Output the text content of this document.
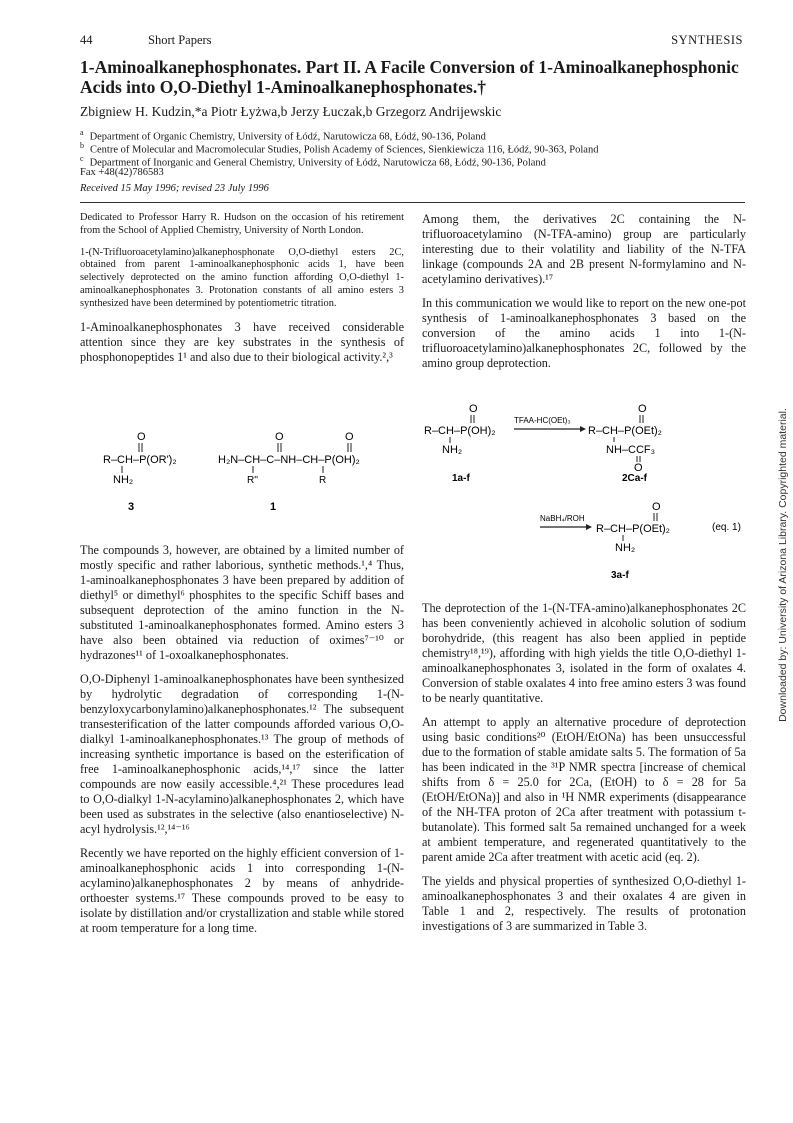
44	Short Papers	SYNTHESIS
1-Aminoalkanephosphonates. Part II. A Facile Conversion of 1-Aminoalkanephosphonic Acids into O,O-Diethyl 1-Aminoalkanephosphonates.†
Zbigniew H. Kudzin,*a Piotr Łyżwa,b Jerzy Łuczak,b Grzegorz Andrijewskic
$^a$ Department of Organic Chemistry, University of Łódź, Narutowicza 68, Łódź, 90-136, Poland
$^b$ Centre of Molecular and Macromolecular Studies, Polish Academy of Sciences, Sienkiewicza 116, Łódź, 90-363, Poland
$^c$ Department of Inorganic and General Chemistry, University of Łódź, Narutowicza 68, Łódź, 90-136, Poland
Fax +48(42)786583
Received 15 May 1996; revised 23 July 1996

Dedicated to Professor Harry R. Hudson on the occasion of his retirement from the School of Applied Chemistry, University of North London.

1-(N-Trifluoroacetylamino)alkanephosphonate O,O-diethyl esters 2C, obtained from parent 1-aminoalkanephosphonic acids 1, have been selectively deprotected on the amino function affording O,O-diethyl 1-aminoalkanephosphonates 3. Protonation constants of all amino esters 3 synthesized have been determined by potentiometric titration.

1-Aminoalkanephosphonates 3 have received considerable attention since they are key substrates in the synthesis of phosphonopeptides 1¹ and also due to their biological activity.²,³

O
R–CH–P(OR')₂
NH₂
3
O	O
H₂N–CH–C–NH–CH–P(OH)₂
R''	R
1

The compounds 3, however, are obtained by a limited number of mostly specific and rather laborious, synthetic methods.¹,⁴ Thus, 1-aminoalkanephosphonates 3 have been prepared by addition of diethyl⁵ or dimethyl⁶ phosphites to the specific Schiff bases and subsequent deprotection of the amino function in the N-substituted 1-aminoalkanephosphonates formed. Amino esters 3 have also been obtained via reduction of oximes⁷⁻¹⁰ or hydrazones¹¹ of 1-oxoalkanephosphonates.

O,O-Diphenyl 1-aminoalkanephosphonates have been synthesized by hydrolytic degradation of corresponding 1-(N-benzyloxycarbonylamino)alkanephosphonates.¹² The subsequent transesterification of the latter compounds afforded various O,O-dialkyl 1-aminoalkanephosphonates.¹³ The group of methods of increasing synthetic importance is based on the esterification of free 1-aminoalkanephosphonic acids,¹⁴,¹⁷ since the latter compounds are now easily accessible.⁴,²¹ These procedures lead to O,O-dialkyl 1-N-acylamino)alkanephosphonates 2, which have been used as substrates in the selective (also enantioselective) N-acyl hydrolysis.¹²,¹⁴⁻¹⁶

Recently we have reported on the highly efficient conversion of 1-aminoalkanephosphonic acids 1 into corresponding 1-(N-acylamino)alkanephosphonates 2 by means of anhydride-orthoester systems.¹⁷ These compounds proved to be easy to isolate by distillation and/or crystallization and stable while stored at room temperature for a long time.

Among them, the derivatives 2C containing the N-trifluoroacetylamino (N-TFA-amino) group are particularly interesting due to their volatility and liability of the N-TFA linkage (compounds 2A and 2B present N-formylamino and N-acetylamino derivatives).¹⁷

In this communication we would like to report on the new one-pot synthesis of 1-aminoalkanephosphonates 3 based on the conversion of the amino acids 1 into 1-(N-trifluoroacetylamino)alkanephosphonates 2C, followed by the amino group deprotection.

O
R–CH–P(OH)₂
NH₂
1a-f
TFAA-HC(OEt)₃
O
R–CH–P(OEt)₂
NH–CCF₃
O
2Ca-f
NaBH₄/ROH
O
R–CH–P(OEt)₂
NH₂
3a-f
(eq. 1)

The deprotection of the 1-(N-TFA-amino)alkanephosphonates 2C has been conveniently achieved in alcoholic solution of sodium borohydride, (this reagent has also been applied in peptide chemistry¹⁸,¹⁹), affording with high yields the title O,O-diethyl 1-aminoalkanephosphonates 3, isolated in the form of oxalates 4. Conversion of stable oxalates 4 into free amino esters 3 was found to be nearly quantitative.

An attempt to apply an alternative procedure of deprotection using basic conditions²⁰ (EtOH/EtONa) has been unsuccessful due to the formation of stable amidate salts 5. The formation of 5a has been indicated in the ³¹P NMR spectra [increase of chemical shifts from δ = 25.0 for 2Ca, (EtOH) to δ = 28 for 5a (EtOH/EtONa)] and also in ¹H NMR experiments (disappearance of the NH-TFA proton of 2Ca after treatment with potassium t-butanolate). This formed salt 5a remained unchanged for a week at ambient temperature, and regenerated quantitatively to the parent amide 2Ca after treatment with acetic acid (eq. 2).

The yields and physical properties of synthesized O,O-diethyl 1-aminoalkanephosphonates 3 and their oxalates 4 are given in Table 1 and 2, respectively. The results of protonation investigations of 3 are summarized in Table 3.

Downloaded by: University of Arizona Library. Copyrighted material.
